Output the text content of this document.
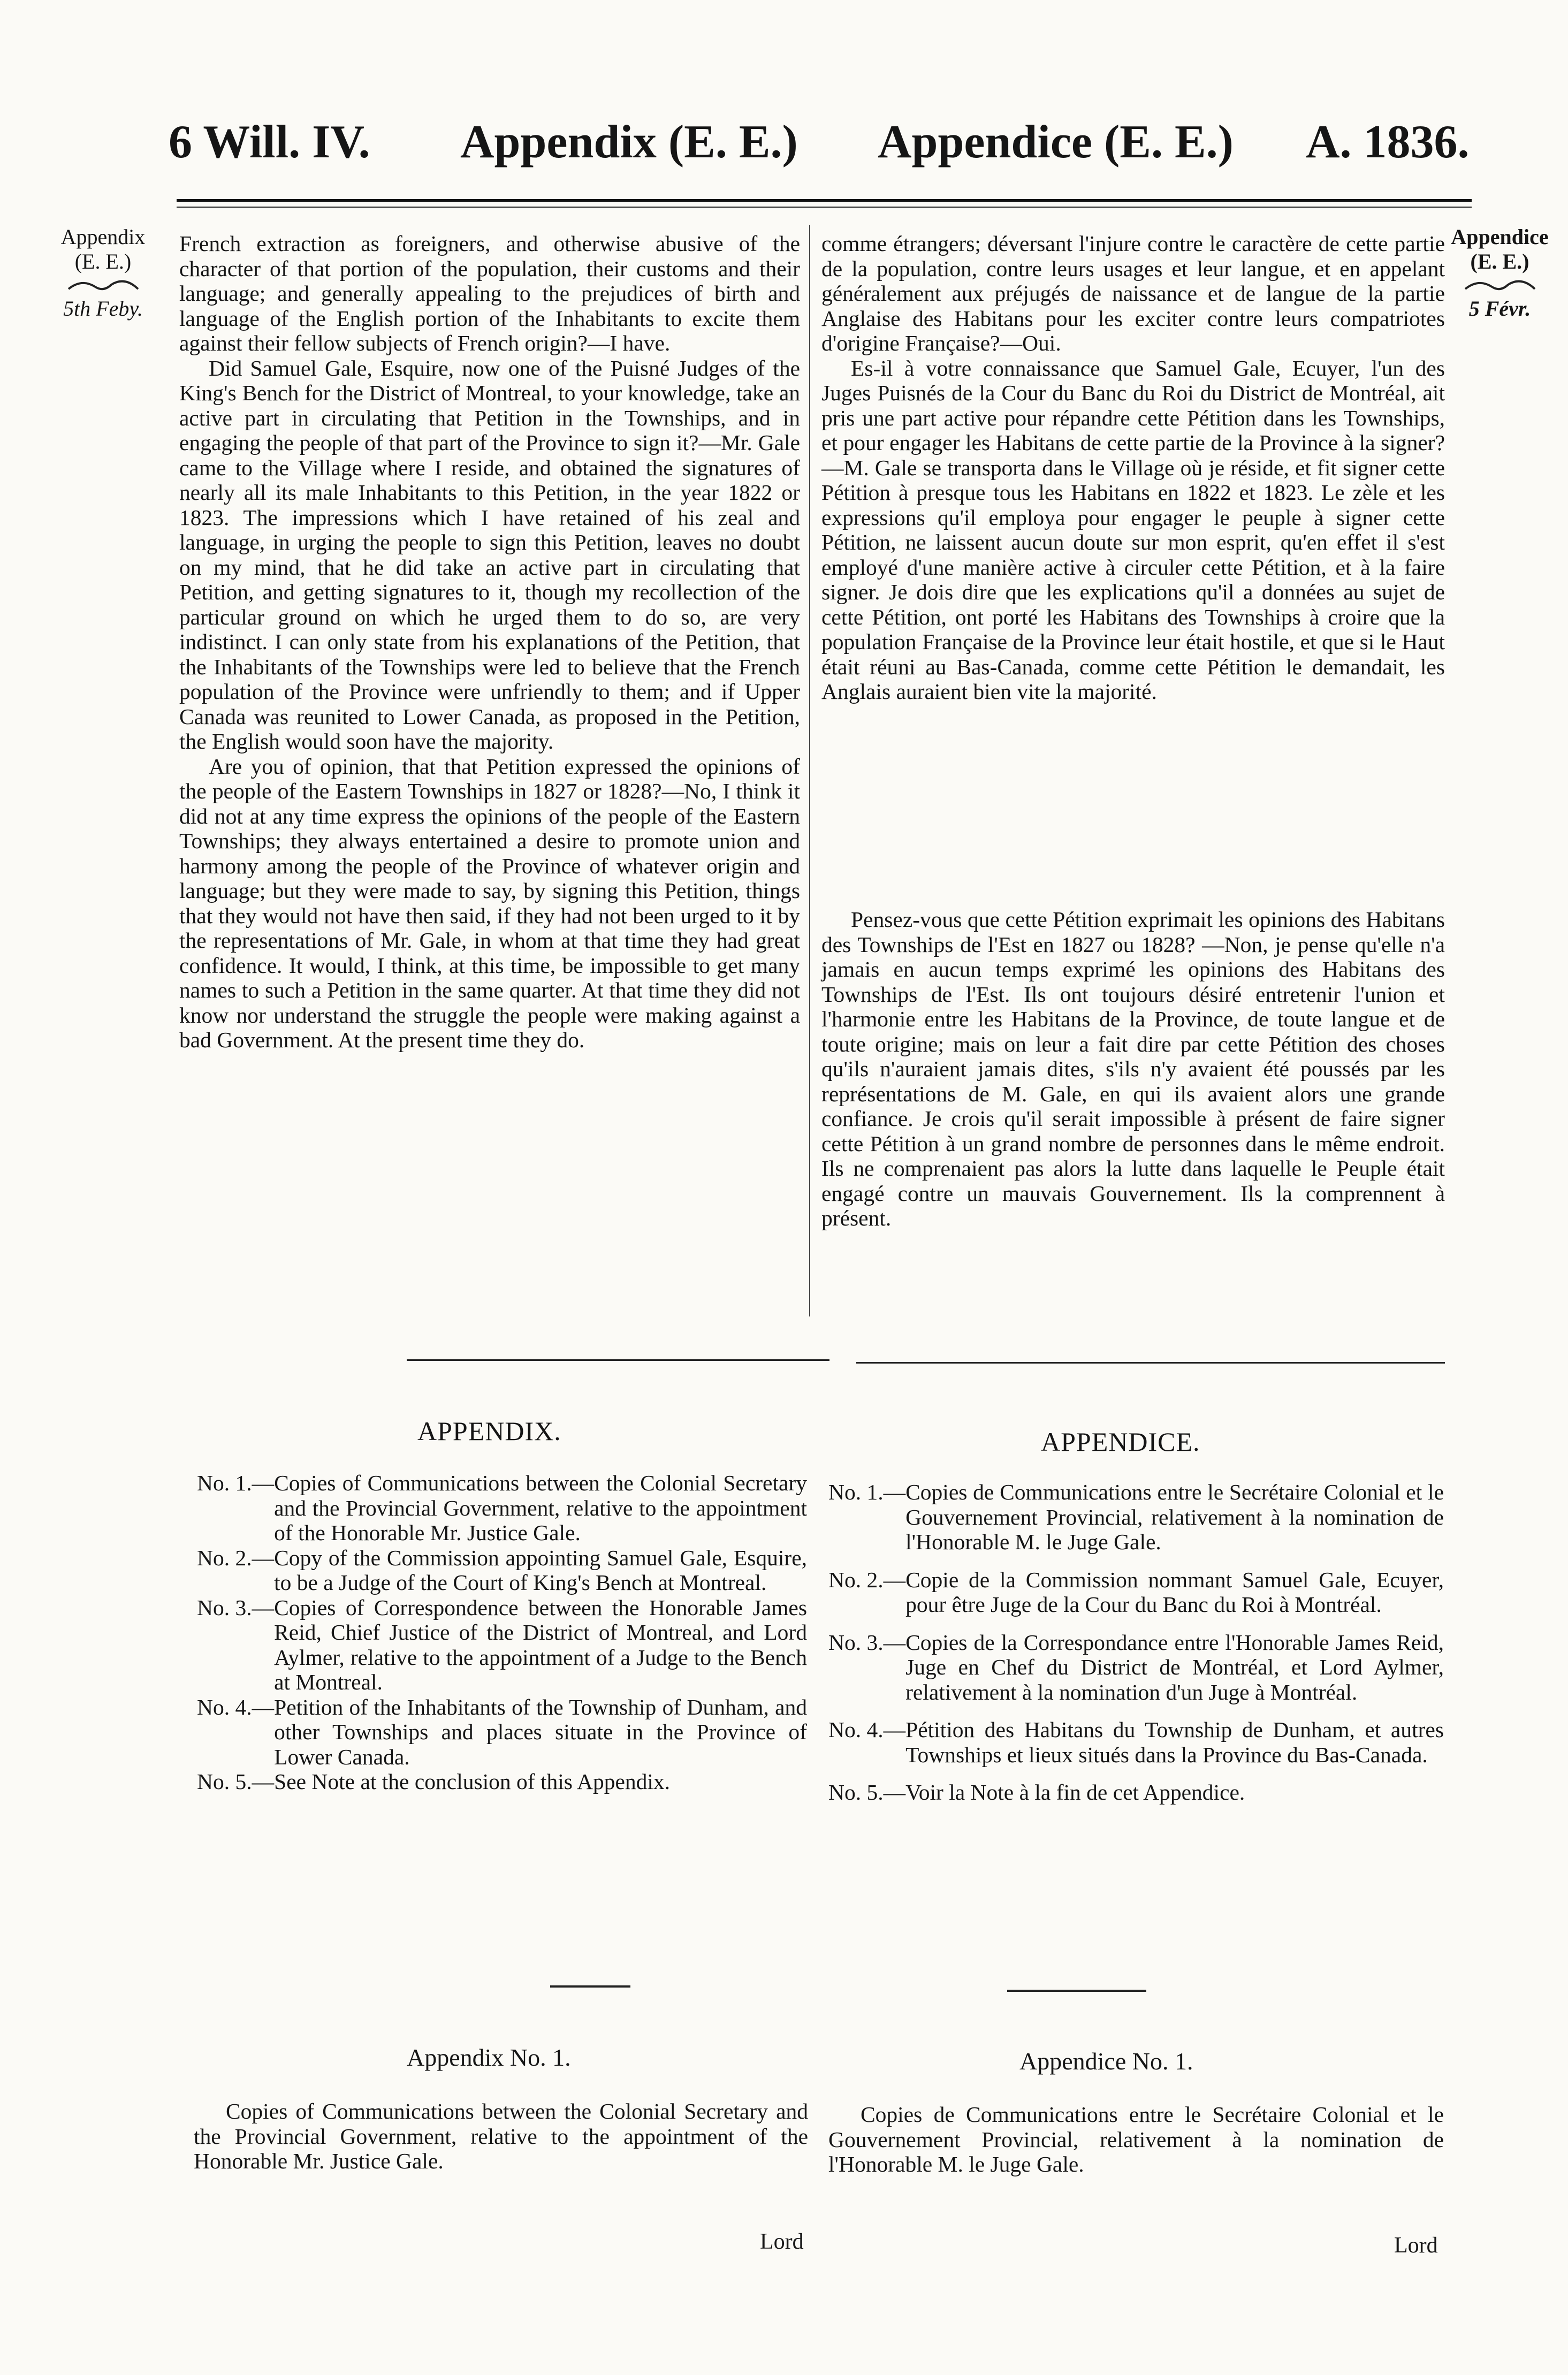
6 Will. IV. Appendix (E. E.) Appendice (E. E.) A. 1836.
Appendix
(E. E.)
5th Feby.
Appendice
(E. E.)
5 Févr.

French extraction as foreigners, and otherwise abusive of the character of that portion of the population, their customs and their language; and generally appealing to the prejudices of birth and language of the English portion of the Inhabitants to excite them against their fellow subjects of French origin?—I have.

Did Samuel Gale, Esquire, now one of the Puisné Judges of the King's Bench for the District of Montreal, to your knowledge, take an active part in circulating that Petition in the Townships, and in engaging the people of that part of the Province to sign it?—Mr. Gale came to the Village where I reside, and obtained the signatures of nearly all its male Inhabitants to this Petition, in the year 1822 or 1823. The impressions which I have retained of his zeal and language, in urging the people to sign this Petition, leaves no doubt on my mind, that he did take an active part in circulating that Petition, and getting signatures to it, though my recollection of the particular ground on which he urged them to do so, are very indistinct. I can only state from his explanations of the Petition, that the Inhabitants of the Townships were led to believe that the French population of the Province were unfriendly to them; and if Upper Canada was reunited to Lower Canada, as proposed in the Petition, the English would soon have the majority.

Are you of opinion, that that Petition expressed the opinions of the people of the Eastern Townships in 1827 or 1828?—No, I think it did not at any time express the opinions of the people of the Eastern Townships; they always entertained a desire to promote union and harmony among the people of the Province of whatever origin and language; but they were made to say, by signing this Petition, things that they would not have then said, if they had not been urged to it by the representations of Mr. Gale, in whom at that time they had great confidence. It would, I think, at this time, be impossible to get many names to such a Petition in the same quarter. At that time they did not know nor understand the struggle the people were making against a bad Government. At the present time they do.

comme étrangers; déversant l'injure contre le caractère de cette partie de la population, contre leurs usages et leur langue, et en appelant généralement aux préjugés de naissance et de langue de la partie Anglaise des Habitans pour les exciter contre leurs compatriotes d'origine Française?—Oui.

Es-il à votre connaissance que Samuel Gale, Ecuyer, l'un des Juges Puisnés de la Cour du Banc du Roi du District de Montréal, ait pris une part active pour répandre cette Pétition dans les Townships, et pour engager les Habitans de cette partie de la Province à la signer? —M. Gale se transporta dans le Village où je réside, et fit signer cette Pétition à presque tous les Habitans en 1822 et 1823. Le zèle et les expressions qu'il employa pour engager le peuple à signer cette Pétition, ne laissent aucun doute sur mon esprit, qu'en effet il s'est employé d'une manière active à circuler cette Pétition, et à la faire signer. Je dois dire que les explications qu'il a données au sujet de cette Pétition, ont porté les Habitans des Townships à croire que la population Française de la Province leur était hostile, et que si le Haut était réuni au Bas-Canada, comme cette Pétition le demandait, les Anglais auraient bien vite la majorité.

Pensez-vous que cette Pétition exprimait les opinions des Habitans des Townships de l'Est en 1827 ou 1828? —Non, je pense qu'elle n'a jamais en aucun temps exprimé les opinions des Habitans des Townships de l'Est. Ils ont toujours désiré entretenir l'union et l'harmonie entre les Habitans de la Province, de toute langue et de toute origine; mais on leur a fait dire par cette Pétition des choses qu'ils n'auraient jamais dites, s'ils n'y avaient été poussés par les représentations de M. Gale, en qui ils avaient alors une grande confiance. Je crois qu'il serait impossible à présent de faire signer cette Pétition à un grand nombre de personnes dans le même endroit. Ils ne comprenaient pas alors la lutte dans laquelle le Peuple était engagé contre un mauvais Gouvernement. Ils la comprennent à présent.

APPENDIX.	APPENDICE.
No. 1.— Copies of Communications between the Colonial Secretary and the Provincial Government, relative to the appointment of the Honorable Mr. Justice Gale.
No. 2.— Copy of the Commission appointing Samuel Gale, Esquire, to be a Judge of the Court of King's Bench at Montreal.
No. 3.— Copies of Correspondence between the Honorable James Reid, Chief Justice of the District of Montreal, and Lord Aylmer, relative to the appointment of a Judge to the Bench at Montreal.
No. 4.— Petition of the Inhabitants of the Township of Dunham, and other Townships and places situate in the Province of Lower Canada.
No. 5.— See Note at the conclusion of this Appendix.
No. 1.— Copies de Communications entre le Secrétaire Colonial et le Gouvernement Provincial, relativement à la nomination de l'Honorable M. le Juge Gale.
No. 2.— Copie de la Commission nommant Samuel Gale, Ecuyer, pour être Juge de la Cour du Banc du Roi à Montréal.
No. 3.— Copies de la Correspondance entre l'Honorable James Reid, Juge en Chef du District de Montréal, et Lord Aylmer, relativement à la nomination d'un Juge à Montréal.
No. 4.— Pétition des Habitans du Township de Dunham, et autres Townships et lieux situés dans la Province du Bas-Canada.
No. 5.— Voir la Note à la fin de cet Appendice.
Appendix No. 1.	Appendice No. 1.
Copies of Communications between the Colonial Secretary and the Provincial Government, relative to the appointment of the Honorable Mr. Justice Gale.
Copies de Communications entre le Secrétaire Colonial et le Gouvernement Provincial, relativement à la nomination de l'Honorable M. le Juge Gale.
Lord	Lord
